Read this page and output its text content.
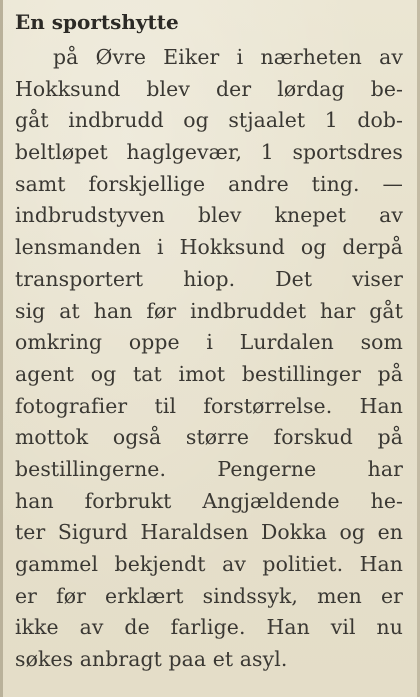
En sportshytte
på Øvre Eiker i nærheten av
Hokksund blev der lørdag be-
gåt indbrudd og stjaalet 1 dob-
beltløpet haglgevær, 1 sportsdres
samt forskjellige andre ting. —
indbrudstyven blev knepet av
lensmanden i Hokksund og derpå
transportert hiop. Det viser
sig at han før indbruddet har gåt
omkring oppe i Lurdalen som
agent og tat imot bestillinger på
fotografier til forstørrelse. Han
mottok også større forskud på
bestillingerne. Pengerne har
han forbrukt Angjældende he-
ter Sigurd Haraldsen Dokka og en
gammel bekjendt av politiet. Han
er før erklært sindssyk, men er
ikke av de farlige. Han vil nu
søkes anbragt paa et asyl.
